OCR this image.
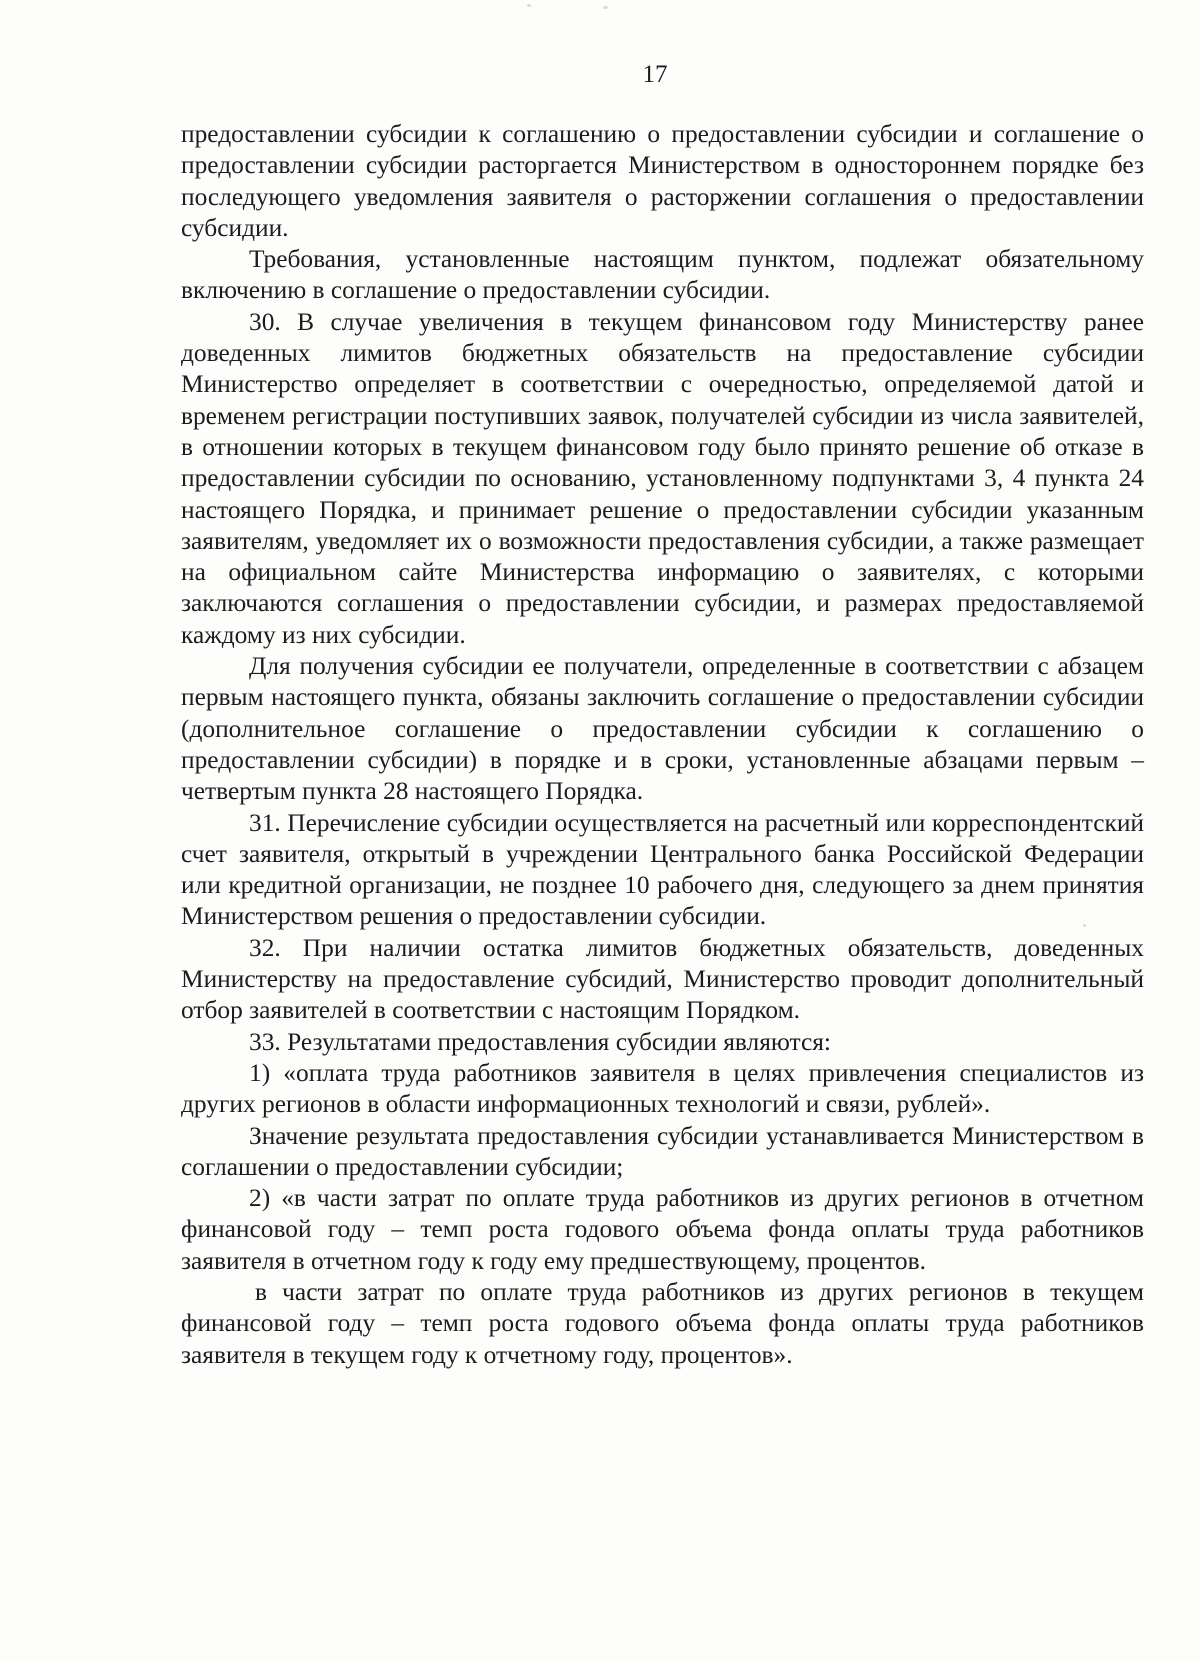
17

предоставлении субсидии к соглашению о предоставлении субсидии и соглашение о предоставлении субсидии расторгается Министерством в одностороннем порядке без последующего уведомления заявителя о расторжении соглашения о предоставлении субсидии.

Требования, установленные настоящим пунктом, подлежат обязательному включению в соглашение о предоставлении субсидии.

30. В случае увеличения в текущем финансовом году Министерству ранее доведенных лимитов бюджетных обязательств на предоставление субсидии Министерство определяет в соответствии с очередностью, определяемой датой и временем регистрации поступивших заявок, получателей субсидии из числа заявителей, в отношении которых в текущем финансовом году было принято решение об отказе в предоставлении субсидии по основанию, установленному подпунктами 3, 4 пункта 24 настоящего Порядка, и принимает решение о предоставлении субсидии указанным заявителям, уведомляет их о возможности предоставления субсидии, а также размещает на официальном сайте Министерства информацию о заявителях, с которыми заключаются соглашения о предоставлении субсидии, и размерах предоставляемой каждому из них субсидии.

Для получения субсидии ее получатели, определенные в соответствии с абзацем первым настоящего пункта, обязаны заключить соглашение о предоставлении субсидии (дополнительное соглашение о предоставлении субсидии к соглашению о предоставлении субсидии) в порядке и в сроки, установленные абзацами первым – четвертым пункта 28 настоящего Порядка.

31. Перечисление субсидии осуществляется на расчетный или корреспондентский счет заявителя, открытый в учреждении Центрального банка Российской Федерации или кредитной организации, не позднее 10 рабочего дня, следующего за днем принятия Министерством решения о предоставлении субсидии.

32. При наличии остатка лимитов бюджетных обязательств, доведенных Министерству на предоставление субсидий, Министерство проводит дополнительный отбор заявителей в соответствии с настоящим Порядком.

33. Результатами предоставления субсидии являются:

1) «оплата труда работников заявителя в целях привлечения специалистов из других регионов в области информационных технологий и связи, рублей».

Значение результата предоставления субсидии устанавливается Министерством в соглашении о предоставлении субсидии;

2) «в части затрат по оплате труда работников из других регионов в отчетном финансовой году – темп роста годового объема фонда оплаты труда работников заявителя в отчетном году к году ему предшествующему, процентов.

в части затрат по оплате труда работников из других регионов в текущем финансовой году – темп роста годового объема фонда оплаты труда работников заявителя в текущем году к отчетному году, процентов».
